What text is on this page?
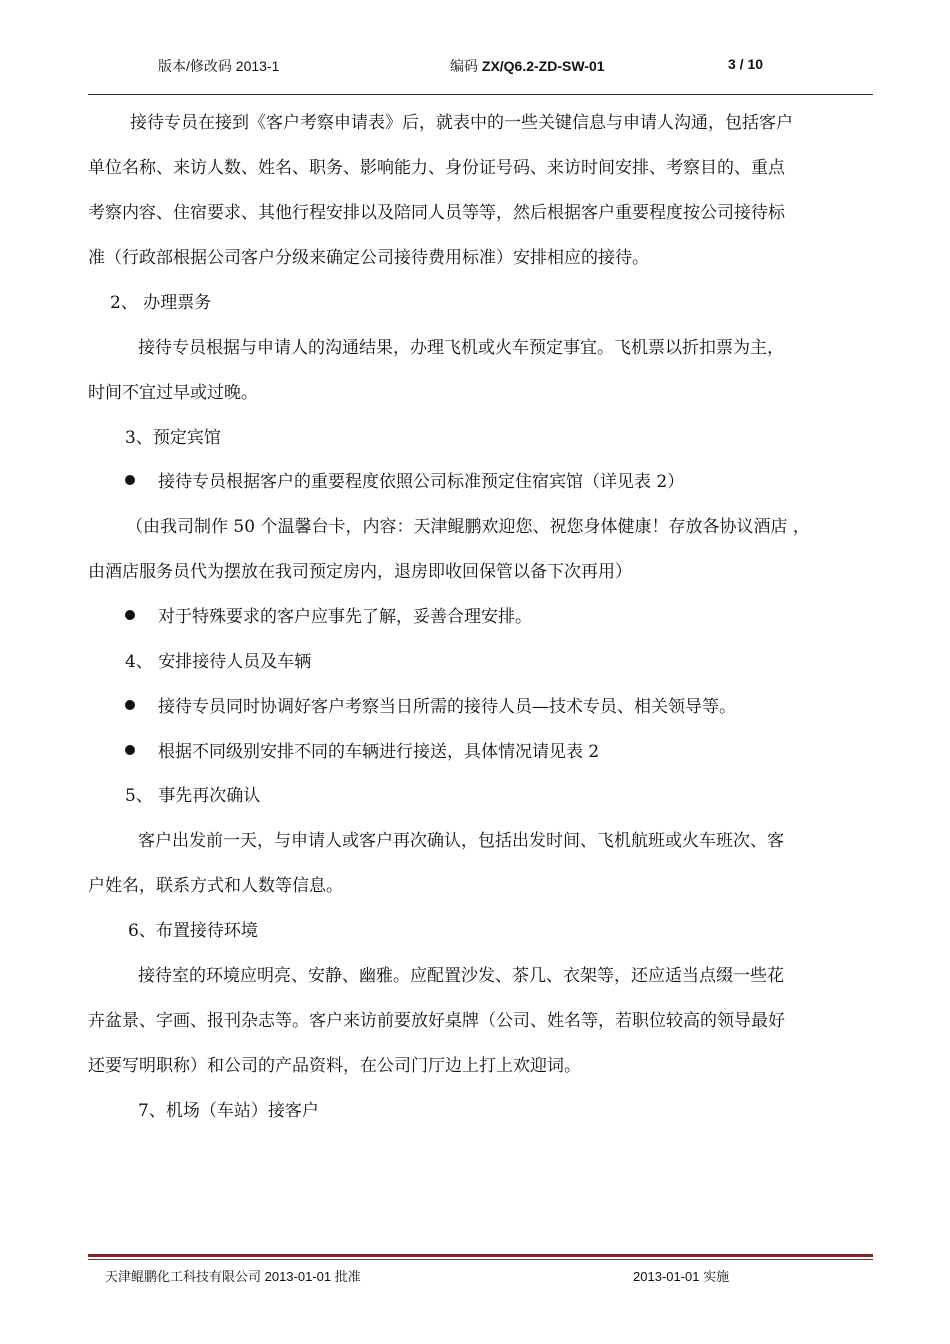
版本/修改码 2013-1	编码 ZX/Q6.2-ZD-SW-01	3 / 10
接待专员在接到《客户考察申请表》后，就表中的一些关键信息与申请人沟通，包括客户
单位名称、来访人数、姓名、职务、影响能力、身份证号码、来访时间安排、考察目的、重点
考察内容、住宿要求、其他行程安排以及陪同人员等等，然后根据客户重要程度按公司接待标
准（行政部根据公司客户分级来确定公司接待费用标准）安排相应的接待。
2、 办理票务
接待专员根据与申请人的沟通结果，办理飞机或火车预定事宜。飞机票以折扣票为主，
时间不宜过早或过晚。
3、预定宾馆
接待专员根据客户的重要程度依照公司标准预定住宿宾馆（详见表 2）
（由我司制作 50 个温馨台卡，内容：天津鲲鹏欢迎您、祝您身体健康！存放各协议酒店 ，
由酒店服务员代为摆放在我司预定房内，退房即收回保管以备下次再用）
对于特殊要求的客户应事先了解，妥善合理安排。
4、 安排接待人员及车辆
接待专员同时协调好客户考察当日所需的接待人员—技术专员、相关领导等。
根据不同级别安排不同的车辆进行接送，具体情况请见表 2
5、 事先再次确认
客户出发前一天，与申请人或客户再次确认，包括出发时间、飞机航班或火车班次、客
户姓名，联系方式和人数等信息。
6、布置接待环境
接待室的环境应明亮、安静、幽雅。应配置沙发、茶几、衣架等，还应适当点缀一些花
卉盆景、字画、报刊杂志等。客户来访前要放好桌牌（公司、姓名等，若职位较高的领导最好
还要写明职称）和公司的产品资料，在公司门厅边上打上欢迎词。
7、机场（车站）接客户
天津鲲鹏化工科技有限公司 2013-01-01 批准	2013-01-01 实施
